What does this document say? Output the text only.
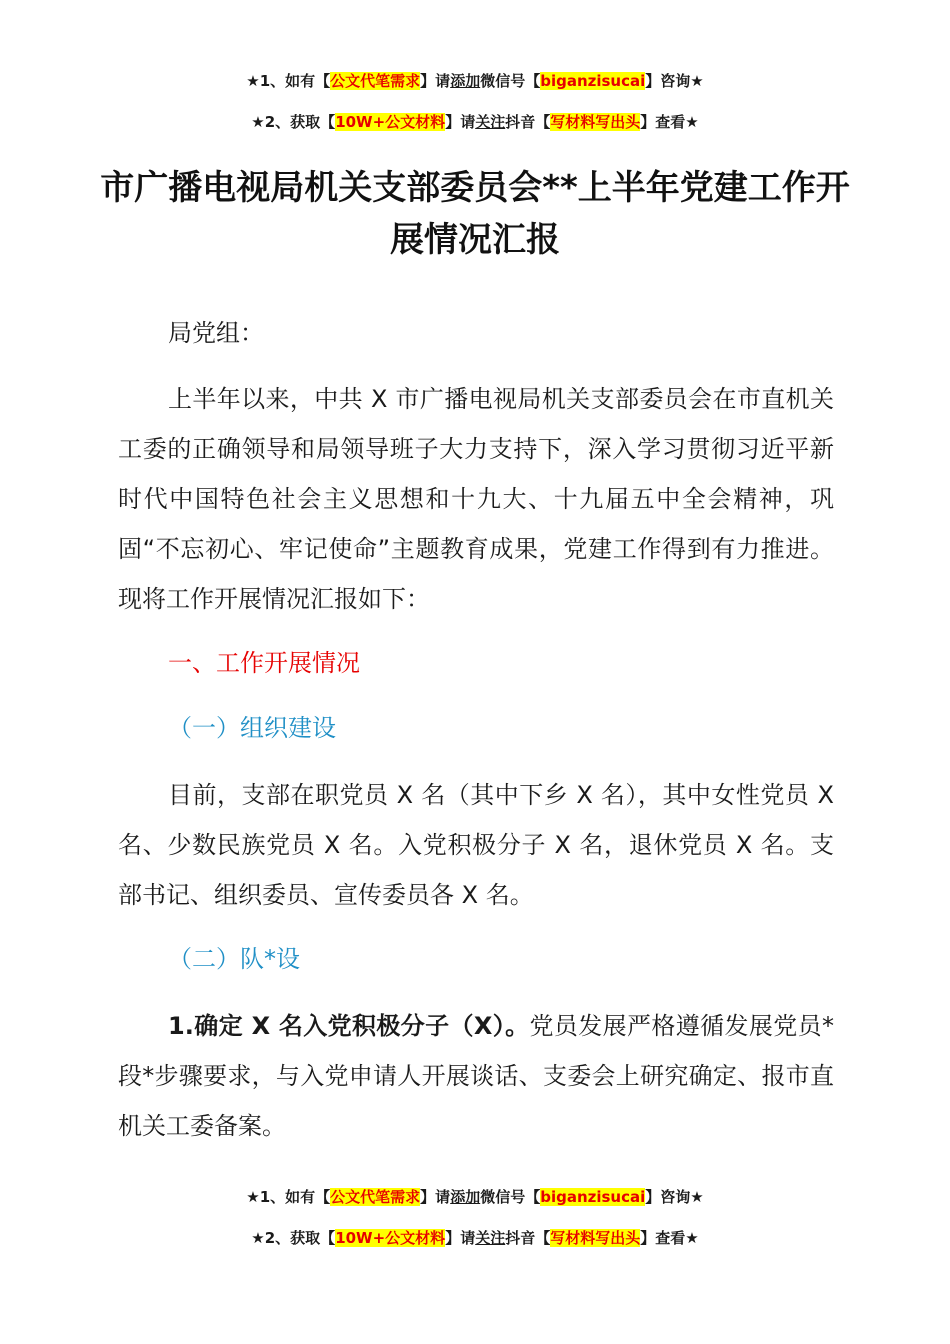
★1、如有【公文代笔需求】请添加微信号【biganzisucai】咨询★
★2、获取【10W+公文材料】请关注抖音【写材料写出头】查看★
市广播电视局机关支部委员会**上半年党建工作开展情况汇报
局党组：
上半年以来，中共 X 市广播电视局机关支部委员会在市直机关工委的正确领导和局领导班子大力支持下，深入学习贯彻习近平新时代中国特色社会主义思想和十九大、十九届五中全会精神，巩固“不忘初心、牢记使命”主题教育成果，党建工作得到有力推进。现将工作开展情况汇报如下：
一、工作开展情况
（一）组织建设
目前，支部在职党员 X 名（其中下乡 X 名），其中女性党员 X 名、少数民族党员 X 名。入党积极分子 X 名，退休党员 X 名。支部书记、组织委员、宣传委员各 X 名。
（二）队*设
1.确定 X 名入党积极分子（X）。党员发展严格遵循发展党员*段*步骤要求，与入党申请人开展谈话、支委会上研究确定、报市直机关工委备案。
★1、如有【公文代笔需求】请添加微信号【biganzisucai】咨询★
★2、获取【10W+公文材料】请关注抖音【写材料写出头】查看★
